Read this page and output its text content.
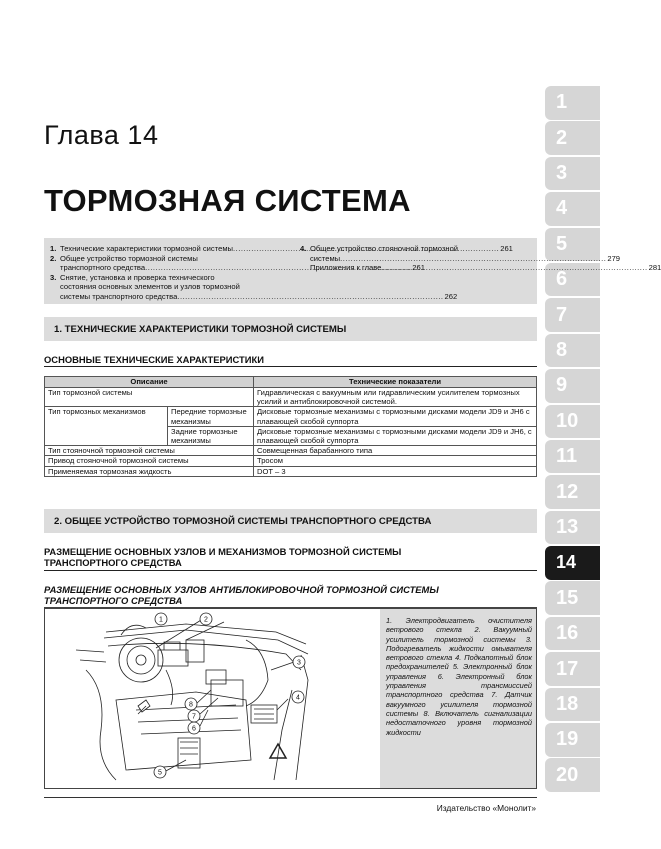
1
2
3
4
5
6
7
8
9
10
11
12
13
14
15
16
17
18
19
20
Глава 14
ТОРМОЗНАЯ СИСТЕМА
1. Технические характеристики тормозной системы .....	261
2. Общее устройство тормозной системы
транспортного средства .....	261
3. Снятие, установка и проверка технического
состояния основных элементов и узлов тормозной
системы транспортного средства .....	262
4. Общее устройство стояночной тормозной
системы .....	279
Приложения к главе .....	281
1. ТЕХНИЧЕСКИЕ ХАРАКТЕРИСТИКИ ТОРМОЗНОЙ СИСТЕМЫ
ОСНОВНЫЕ ТЕХНИЧЕСКИЕ ХАРАКТЕРИСТИКИ
Описание		Технические показатели
Тип тормозной системы		Гидравлическая с вакуумным или гидравлическим усилителем тормозных усилий и антиблокировочной системой.
Тип тормозных механизмов	Передние тормозные механизмы	Дисковые тормозные механизмы с тормозными дисками модели JD9 и JH6 с плавающей скобой суппорта
	Задние тормозные механизмы	Дисковые тормозные механизмы с тормозными дисками модели JD9 и JH6, с плавающей скобой суппорта
Тип стояночной тормозной системы		Совмещенная барабанного типа
Привод стояночной тормозной системы		Тросом
Применяемая тормозная жидкость		DOT – 3
2. ОБЩЕЕ УСТРОЙСТВО ТОРМОЗНОЙ СИСТЕМЫ ТРАНСПОРТНОГО СРЕДСТВА
РАЗМЕЩЕНИЕ ОСНОВНЫХ УЗЛОВ И МЕХАНИЗМОВ ТОРМОЗНОЙ СИСТЕМЫ ТРАНСПОРТНОГО СРЕДСТВА
РАЗМЕЩЕНИЕ ОСНОВНЫХ УЗЛОВ АНТИБЛОКИРОВОЧНОЙ ТОРМОЗНОЙ СИСТЕМЫ ТРАНСПОРТНОГО СРЕДСТВА
1	2
3
4
5
6
7
8
1. Электродвигатель очистителя ветрового стекла 2. Вакуумный усилитель тормозной системы 3. Подогреватель жидкости омывателя ветрового стекла 4. Подкапотный блок предохранителей 5. Электронный блок управления 6. Электронный блок управления трансмиссией транспортного средства 7. Датчик вакуумного усилителя тормозной системы 8. Включатель сигнализации недостаточного уровня тормозной жидкости
Издательство «Монолит»
